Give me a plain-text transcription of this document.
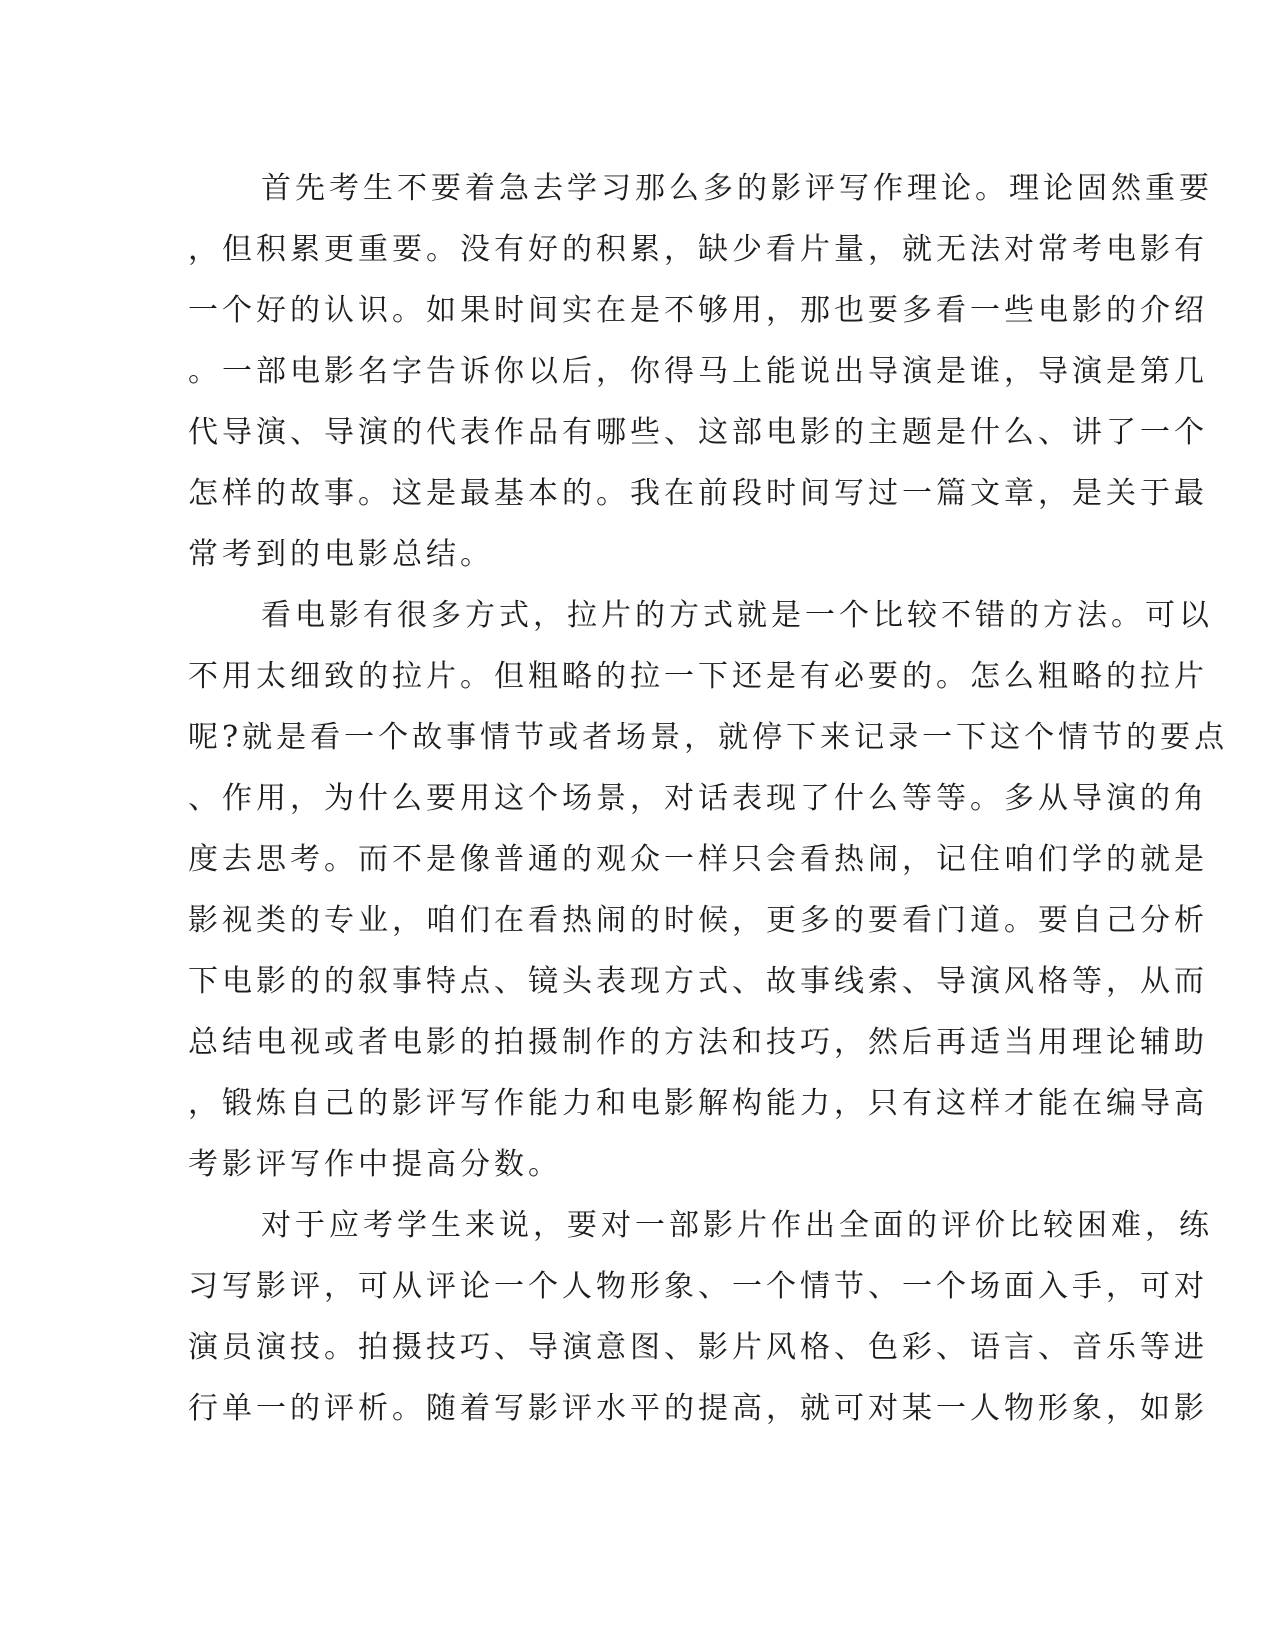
首先考生不要着急去学习那么多的影评写作理论。理论固然重要
，但积累更重要。没有好的积累，缺少看片量，就无法对常考电影有
一个好的认识。如果时间实在是不够用，那也要多看一些电影的介绍
。一部电影名字告诉你以后，你得马上能说出导演是谁，导演是第几
代导演、导演的代表作品有哪些、这部电影的主题是什么、讲了一个
怎样的故事。这是最基本的。我在前段时间写过一篇文章，是关于最
常考到的电影总结。
看电影有很多方式，拉片的方式就是一个比较不错的方法。可以
不用太细致的拉片。但粗略的拉一下还是有必要的。怎么粗略的拉片
呢?就是看一个故事情节或者场景，就停下来记录一下这个情节的要点
、作用，为什么要用这个场景，对话表现了什么等等。多从导演的角
度去思考。而不是像普通的观众一样只会看热闹，记住咱们学的就是
影视类的专业，咱们在看热闹的时候，更多的要看门道。要自己分析
下电影的的叙事特点、镜头表现方式、故事线索、导演风格等，从而
总结电视或者电影的拍摄制作的方法和技巧，然后再适当用理论辅助
，锻炼自己的影评写作能力和电影解构能力，只有这样才能在编导高
考影评写作中提高分数。
对于应考学生来说，要对一部影片作出全面的评价比较困难，练
习写影评，可从评论一个人物形象、一个情节、一个场面入手，可对
演员演技。拍摄技巧、导演意图、影片风格、色彩、语言、音乐等进
行单一的评析。随着写影评水平的提高，就可对某一人物形象，如影
